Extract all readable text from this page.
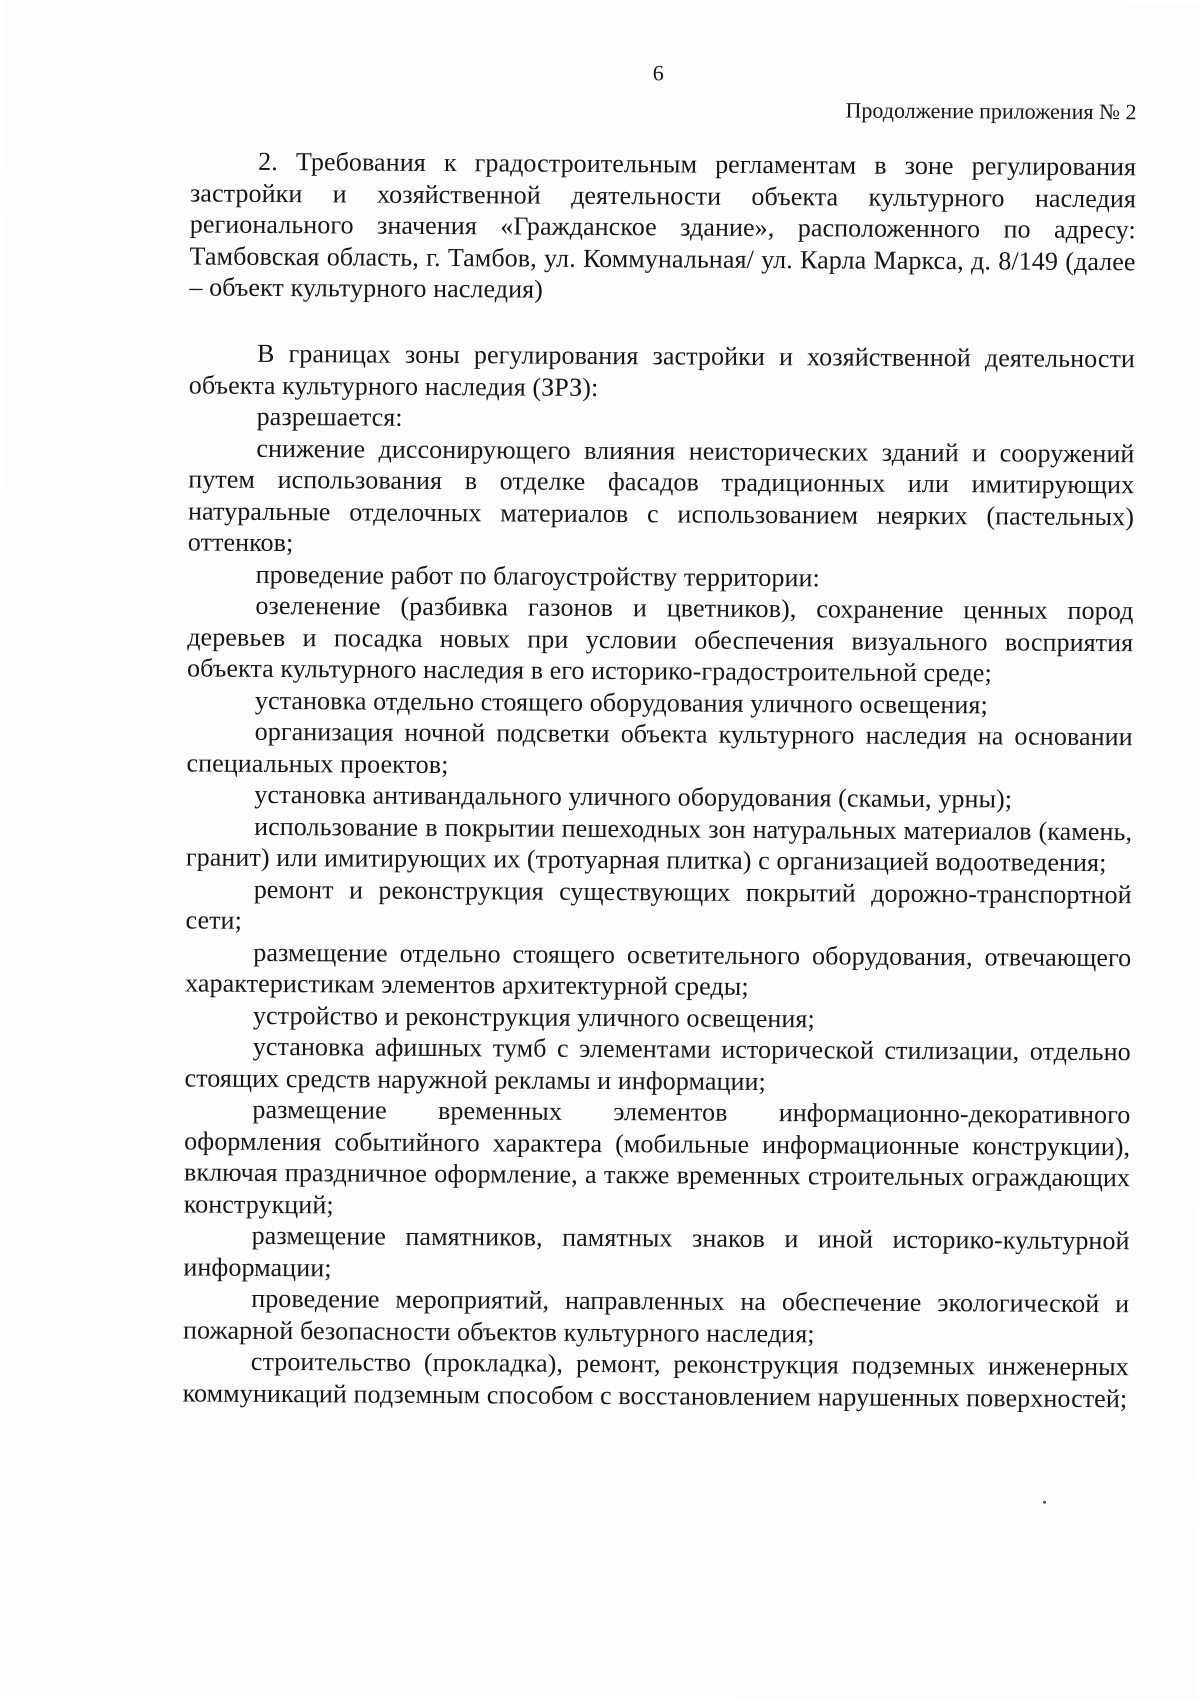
6
Продолжение приложения № 2

2. Требования к градостроительным регламентам в зоне регулирования застройки и хозяйственной деятельности объекта культурного наследия регионального значения «Гражданское здание», расположенного по адресу: Тамбовская область, г. Тамбов, ул. Коммунальная/ ул. Карла Маркса, д. 8/149 (далее – объект культурного наследия)

В границах зоны регулирования застройки и хозяйственной деятельности объекта культурного наследия (ЗРЗ):

разрешается:

снижение диссонирующего влияния неисторических зданий и сооружений путем использования в отделке фасадов традиционных или имитирующих натуральные отделочных материалов с использованием неярких (пастельных) оттенков;

проведение работ по благоустройству территории:

озеленение (разбивка газонов и цветников), сохранение ценных пород деревьев и посадка новых при условии обеспечения визуального восприятия объекта культурного наследия в его историко-градостроительной среде;

установка отдельно стоящего оборудования уличного освещения;

организация ночной подсветки объекта культурного наследия на основании специальных проектов;

установка антивандального уличного оборудования (скамьи, урны);

использование в покрытии пешеходных зон натуральных материалов (камень, гранит) или имитирующих их (тротуарная плитка) с организацией водоотведения;

ремонт и реконструкция существующих покрытий дорожно-транспортной сети;

размещение отдельно стоящего осветительного оборудования, отвечающего характеристикам элементов архитектурной среды;

устройство и реконструкция уличного освещения;

установка афишных тумб с элементами исторической стилизации, отдельно стоящих средств наружной рекламы и информации;

размещение временных элементов информационно-декоративного оформления событийного характера (мобильные информационные конструкции), включая праздничное оформление, а также временных строительных ограждающих конструкций;

размещение памятников, памятных знаков и иной историко-культурной информации;

проведение мероприятий, направленных на обеспечение экологической и пожарной безопасности объектов культурного наследия;

строительство (прокладка), ремонт, реконструкция подземных инженерных коммуникаций подземным способом с восстановлением нарушенных поверхностей;
